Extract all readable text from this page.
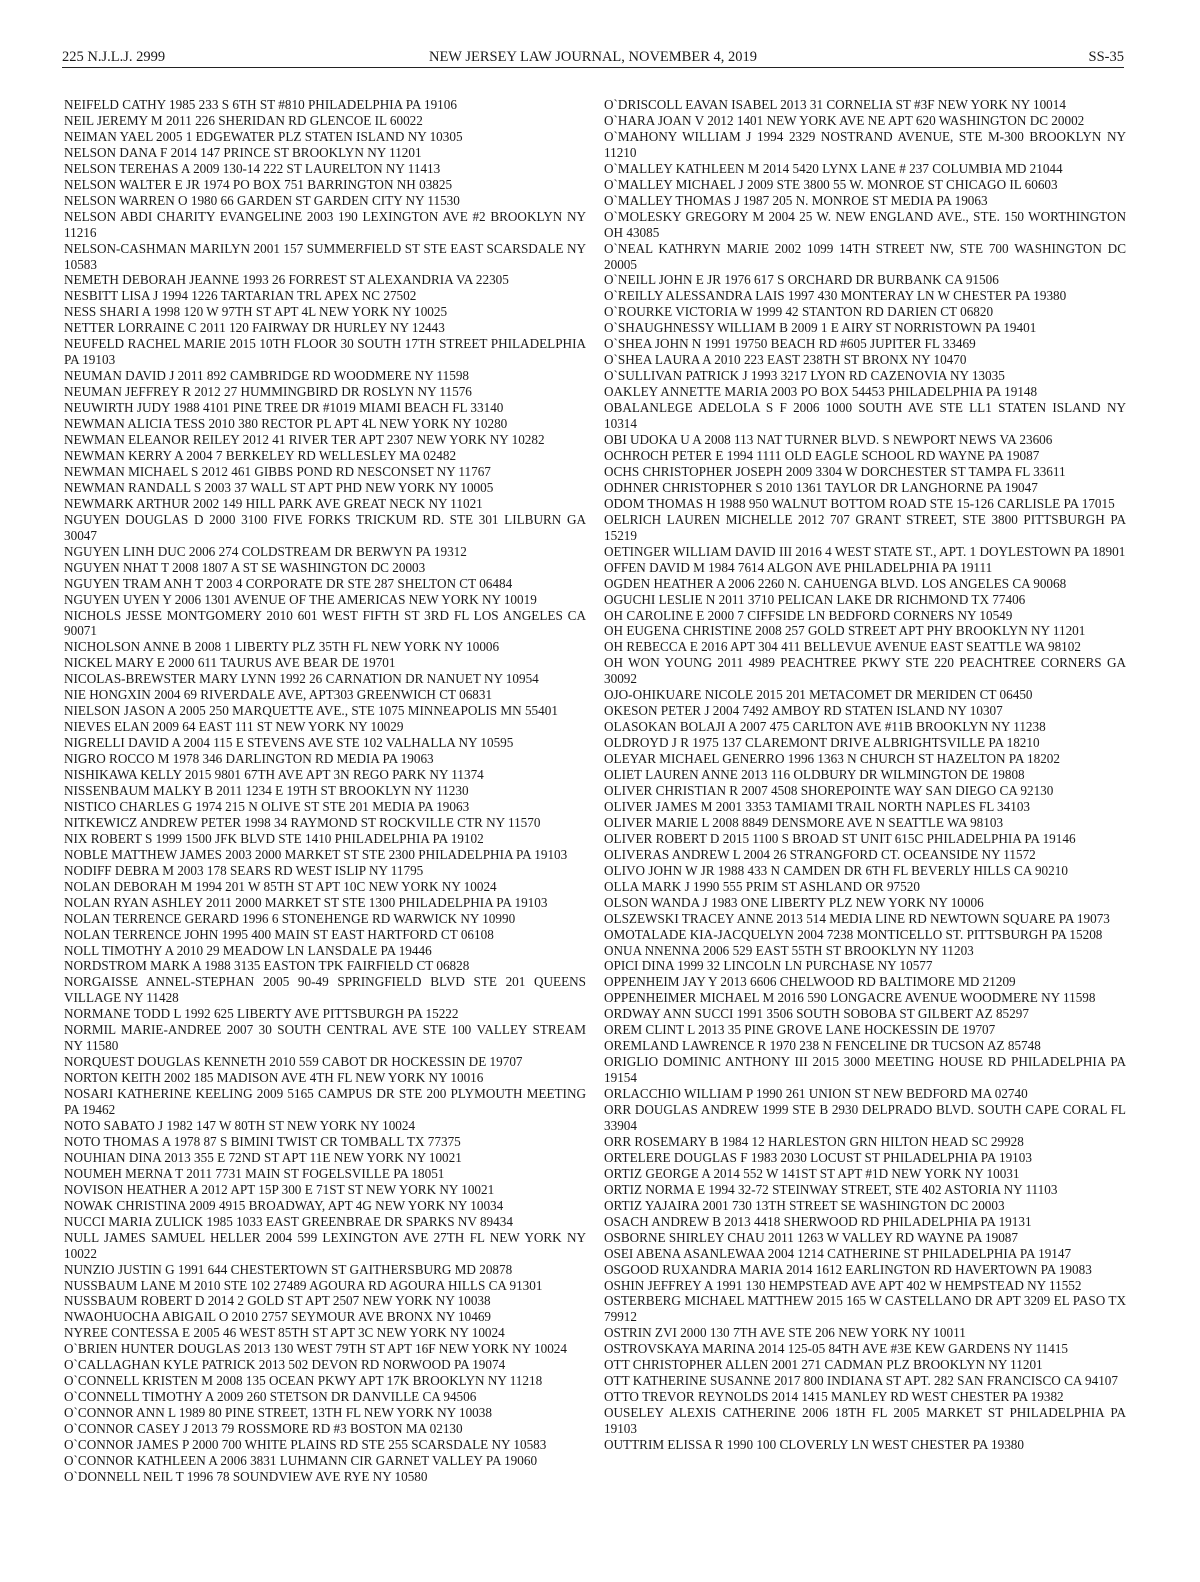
225 N.J.L.J. 2999	NEW JERSEY LAW JOURNAL, NOVEMBER 4, 2019	SS-35
NEIFELD CATHY 1985 233 S 6TH ST #810 PHILADELPHIA PA 19106
NEIL JEREMY M 2011 226 SHERIDAN RD GLENCOE IL 60022
NEIMAN YAEL 2005 1 EDGEWATER PLZ STATEN ISLAND NY 10305
NELSON DANA F 2014 147 PRINCE ST BROOKLYN NY 11201
NELSON TEREHAS A 2009 130-14 222 ST LAURELTON NY 11413
NELSON WALTER E JR 1974 PO BOX 751 BARRINGTON NH 03825
NELSON WARREN O 1980 66 GARDEN ST GARDEN CITY NY 11530
NELSON ABDI CHARITY EVANGELINE 2003 190 LEXINGTON AVE #2 BROOKLYN NY 11216
NELSON-CASHMAN MARILYN 2001 157 SUMMERFIELD ST STE EAST SCARSDALE NY 10583
NEMETH DEBORAH JEANNE 1993 26 FORREST ST ALEXANDRIA VA 22305
NESBITT LISA J 1994 1226 TARTARIAN TRL APEX NC 27502
NESS SHARI A 1998 120 W 97TH ST APT 4L NEW YORK NY 10025
NETTER LORRAINE C 2011 120 FAIRWAY DR HURLEY NY 12443
NEUFELD RACHEL MARIE 2015 10TH FLOOR 30 SOUTH 17TH STREET PHILADELPHIA PA 19103
NEUMAN DAVID J 2011 892 CAMBRIDGE RD WOODMERE NY 11598
NEUMAN JEFFREY R 2012 27 HUMMINGBIRD DR ROSLYN NY 11576
NEUWIRTH JUDY 1988 4101 PINE TREE DR #1019 MIAMI BEACH FL 33140
NEWMAN ALICIA TESS 2010 380 RECTOR PL APT 4L NEW YORK NY 10280
NEWMAN ELEANOR REILEY 2012 41 RIVER TER APT 2307 NEW YORK NY 10282
NEWMAN KERRY A 2004 7 BERKELEY RD WELLESLEY MA 02482
NEWMAN MICHAEL S 2012 461 GIBBS POND RD NESCONSET NY 11767
NEWMAN RANDALL S 2003 37 WALL ST APT PHD NEW YORK NY 10005
NEWMARK ARTHUR 2002 149 HILL PARK AVE GREAT NECK NY 11021
NGUYEN DOUGLAS D 2000 3100 FIVE FORKS TRICKUM RD. STE 301 LILBURN GA 30047
NGUYEN LINH DUC 2006 274 COLDSTREAM DR BERWYN PA 19312
NGUYEN NHAT T 2008 1807 A ST SE WASHINGTON DC 20003
NGUYEN TRAM ANH T 2003 4 CORPORATE DR STE 287 SHELTON CT 06484
NGUYEN UYEN Y 2006 1301 AVENUE OF THE AMERICAS NEW YORK NY 10019
NICHOLS JESSE MONTGOMERY 2010 601 WEST FIFTH ST 3RD FL LOS ANGELES CA 90071
NICHOLSON ANNE B 2008 1 LIBERTY PLZ 35TH FL NEW YORK NY 10006
NICKEL MARY E 2000 611 TAURUS AVE BEAR DE 19701
NICOLAS-BREWSTER MARY LYNN 1992 26 CARNATION DR NANUET NY 10954
NIE HONGXIN 2004 69 RIVERDALE AVE, APT303 GREENWICH CT 06831
NIELSON JASON A 2005 250 MARQUETTE AVE., STE 1075 MINNEAPOLIS MN 55401
NIEVES ELAN 2009 64 EAST 111 ST NEW YORK NY 10029
NIGRELLI DAVID A 2004 115 E STEVENS AVE STE 102 VALHALLA NY 10595
NIGRO ROCCO M 1978 346 DARLINGTON RD MEDIA PA 19063
NISHIKAWA KELLY 2015 9801 67TH AVE APT 3N REGO PARK NY 11374
NISSENBAUM MALKY B 2011 1234 E 19TH ST BROOKLYN NY 11230
NISTICO CHARLES G 1974 215 N OLIVE ST STE 201 MEDIA PA 19063
NITKEWICZ ANDREW PETER 1998 34 RAYMOND ST ROCKVILLE CTR NY 11570
NIX ROBERT S 1999 1500 JFK BLVD STE 1410 PHILADELPHIA PA 19102
NOBLE MATTHEW JAMES 2003 2000 MARKET ST STE 2300 PHILADELPHIA PA 19103
NODIFF DEBRA M 2003 178 SEARS RD WEST ISLIP NY 11795
NOLAN DEBORAH M 1994 201 W 85TH ST APT 10C NEW YORK NY 10024
NOLAN RYAN ASHLEY 2011 2000 MARKET ST STE 1300 PHILADELPHIA PA 19103
NOLAN TERRENCE GERARD 1996 6 STONEHENGE RD WARWICK NY 10990
NOLAN TERRENCE JOHN 1995 400 MAIN ST EAST HARTFORD CT 06108
NOLL TIMOTHY A 2010 29 MEADOW LN LANSDALE PA 19446
NORDSTROM MARK A 1988 3135 EASTON TPK FAIRFIELD CT 06828
NORGAISSE ANNEL-STEPHAN 2005 90-49 SPRINGFIELD BLVD STE 201 QUEENS VILLAGE NY 11428
NORMANE TODD L 1992 625 LIBERTY AVE PITTSBURGH PA 15222
NORMIL MARIE-ANDREE 2007 30 SOUTH CENTRAL AVE STE 100 VALLEY STREAM NY 11580
NORQUEST DOUGLAS KENNETH 2010 559 CABOT DR HOCKESSIN DE 19707
NORTON KEITH 2002 185 MADISON AVE 4TH FL NEW YORK NY 10016
NOSARI KATHERINE KEELING 2009 5165 CAMPUS DR STE 200 PLYMOUTH MEETING PA 19462
NOTO SABATO J 1982 147 W 80TH ST NEW YORK NY 10024
NOTO THOMAS A 1978 87 S BIMINI TWIST CR TOMBALL TX 77375
NOUHIAN DINA 2013 355 E 72ND ST APT 11E NEW YORK NY 10021
NOUMEH MERNA T 2011 7731 MAIN ST FOGELSVILLE PA 18051
NOVISON HEATHER A 2012 APT 15P 300 E 71ST ST NEW YORK NY 10021
NOWAK CHRISTINA 2009 4915 BROADWAY, APT 4G NEW YORK NY 10034
NUCCI MARIA ZULICK 1985 1033 EAST GREENBRAE DR SPARKS NV 89434
NULL JAMES SAMUEL HELLER 2004 599 LEXINGTON AVE 27TH FL NEW YORK NY 10022
NUNZIO JUSTIN G 1991 644 CHESTERTOWN ST GAITHERSBURG MD 20878
NUSSBAUM LANE M 2010 STE 102 27489 AGOURA RD AGOURA HILLS CA 91301
NUSSBAUM ROBERT D 2014 2 GOLD ST APT 2507 NEW YORK NY 10038
NWAOHUOCHA ABIGAIL O 2010 2757 SEYMOUR AVE BRONX NY 10469
NYREE CONTESSA E 2005 46 WEST 85TH ST APT 3C NEW YORK NY 10024
O`BRIEN HUNTER DOUGLAS 2013 130 WEST 79TH ST APT 16F NEW YORK NY 10024
O`CALLAGHAN KYLE PATRICK 2013 502 DEVON RD NORWOOD PA 19074
O`CONNELL KRISTEN M 2008 135 OCEAN PKWY APT 17K BROOKLYN NY 11218
O`CONNELL TIMOTHY A 2009 260 STETSON DR DANVILLE CA 94506
O`CONNOR ANN L 1989 80 PINE STREET, 13TH FL NEW YORK NY 10038
O`CONNOR CASEY J 2013 79 ROSSMORE RD #3 BOSTON MA 02130
O`CONNOR JAMES P 2000 700 WHITE PLAINS RD STE 255 SCARSDALE NY 10583
O`CONNOR KATHLEEN A 2006 3831 LUHMANN CIR GARNET VALLEY PA 19060
O`DONNELL NEIL T 1996 78 SOUNDVIEW AVE RYE NY 10580
O`DRISCOLL EAVAN ISABEL 2013 31 CORNELIA ST #3F NEW YORK NY 10014
O`HARA JOAN V 2012 1401 NEW YORK AVE NE APT 620 WASHINGTON DC 20002
O`MAHONY WILLIAM J 1994 2329 NOSTRAND AVENUE, STE M-300 BROOKLYN NY 11210
O`MALLEY KATHLEEN M 2014 5420 LYNX LANE # 237 COLUMBIA MD 21044
O`MALLEY MICHAEL J 2009 STE 3800 55 W. MONROE ST CHICAGO IL 60603
O`MALLEY THOMAS J 1987 205 N. MONROE ST MEDIA PA 19063
O`MOLESKY GREGORY M 2004 25 W. NEW ENGLAND AVE., STE. 150 WORTHINGTON OH 43085
O`NEAL KATHRYN MARIE 2002 1099 14TH STREET NW, STE 700 WASHINGTON DC 20005
O`NEILL JOHN E JR 1976 617 S ORCHARD DR BURBANK CA 91506
O`REILLY ALESSANDRA LAIS 1997 430 MONTERAY LN W CHESTER PA 19380
O`ROURKE VICTORIA W 1999 42 STANTON RD DARIEN CT 06820
O`SHAUGHNESSY WILLIAM B 2009 1 E AIRY ST NORRISTOWN PA 19401
O`SHEA JOHN N 1991 19750 BEACH RD #605 JUPITER FL 33469
O`SHEA LAURA A 2010 223 EAST 238TH ST BRONX NY 10470
O`SULLIVAN PATRICK J 1993 3217 LYON RD CAZENOVIA NY 13035
OAKLEY ANNETTE MARIA 2003 PO BOX 54453 PHILADELPHIA PA 19148
OBALANLEGE ADELOLA S F 2006 1000 SOUTH AVE STE LL1 STATEN ISLAND NY 10314
OBI UDOKA U A 2008 113 NAT TURNER BLVD. S NEWPORT NEWS VA 23606
OCHROCH PETER E 1994 1111 OLD EAGLE SCHOOL RD WAYNE PA 19087
OCHS CHRISTOPHER JOSEPH 2009 3304 W DORCHESTER ST TAMPA FL 33611
ODHNER CHRISTOPHER S 2010 1361 TAYLOR DR LANGHORNE PA 19047
ODOM THOMAS H 1988 950 WALNUT BOTTOM ROAD STE 15-126 CARLISLE PA 17015
OELRICH LAUREN MICHELLE 2012 707 GRANT STREET, STE 3800 PITTSBURGH PA 15219
OETINGER WILLIAM DAVID III 2016 4 WEST STATE ST., APT. 1 DOYLESTOWN PA 18901
OFFEN DAVID M 1984 7614 ALGON AVE PHILADELPHIA PA 19111
OGDEN HEATHER A 2006 2260 N. CAHUENGA BLVD. LOS ANGELES CA 90068
OGUCHI LESLIE N 2011 3710 PELICAN LAKE DR RICHMOND TX 77406
OH CAROLINE E 2000 7 CIFFSIDE LN BEDFORD CORNERS NY 10549
OH EUGENA CHRISTINE 2008 257 GOLD STREET APT PHY BROOKLYN NY 11201
OH REBECCA E 2016 APT 304 411 BELLEVUE AVENUE EAST SEATTLE WA 98102
OH WON YOUNG 2011 4989 PEACHTREE PKWY STE 220 PEACHTREE CORNERS GA 30092
OJO-OHIKUARE NICOLE 2015 201 METACOMET DR MERIDEN CT 06450
OKESON PETER J 2004 7492 AMBOY RD STATEN ISLAND NY 10307
OLASOKAN BOLAJI A 2007 475 CARLTON AVE #11B BROOKLYN NY 11238
OLDROYD J R 1975 137 CLAREMONT DRIVE ALBRIGHTSVILLE PA 18210
OLEYAR MICHAEL GENERRO 1996 1363 N CHURCH ST HAZELTON PA 18202
OLIET LAUREN ANNE 2013 116 OLDBURY DR WILMINGTON DE 19808
OLIVER CHRISTIAN R 2007 4508 SHOREPOINTE WAY SAN DIEGO CA 92130
OLIVER JAMES M 2001 3353 TAMIAMI TRAIL NORTH NAPLES FL 34103
OLIVER MARIE L 2008 8849 DENSMORE AVE N SEATTLE WA 98103
OLIVER ROBERT D 2015 1100 S BROAD ST UNIT 615C PHILADELPHIA PA 19146
OLIVERAS ANDREW L 2004 26 STRANGFORD CT. OCEANSIDE NY 11572
OLIVO JOHN W JR 1988 433 N CAMDEN DR 6TH FL BEVERLY HILLS CA 90210
OLLA MARK J 1990 555 PRIM ST ASHLAND OR 97520
OLSON WANDA J 1983 ONE LIBERTY PLZ NEW YORK NY 10006
OLSZEWSKI TRACEY ANNE 2013 514 MEDIA LINE RD NEWTOWN SQUARE PA 19073
OMOTALADE KIA-JACQUELYN 2004 7238 MONTICELLO ST. PITTSBURGH PA 15208
ONUA NNENNA 2006 529 EAST 55TH ST BROOKLYN NY 11203
OPICI DINA 1999 32 LINCOLN LN PURCHASE NY 10577
OPPENHEIM JAY Y 2013 6606 CHELWOOD RD BALTIMORE MD 21209
OPPENHEIMER MICHAEL M 2016 590 LONGACRE AVENUE WOODMERE NY 11598
ORDWAY ANN SUCCI 1991 3506 SOUTH SOBOBA ST GILBERT AZ 85297
OREM CLINT L 2013 35 PINE GROVE LANE HOCKESSIN DE 19707
OREMLAND LAWRENCE R 1970 238 N FENCELINE DR TUCSON AZ 85748
ORIGLIO DOMINIC ANTHONY III 2015 3000 MEETING HOUSE RD PHILADELPHIA PA 19154
ORLACCHIO WILLIAM P 1990 261 UNION ST NEW BEDFORD MA 02740
ORR DOUGLAS ANDREW 1999 STE B 2930 DELPRADO BLVD. SOUTH CAPE CORAL FL 33904
ORR ROSEMARY B 1984 12 HARLESTON GRN HILTON HEAD SC 29928
ORTELERE DOUGLAS F 1983 2030 LOCUST ST PHILADELPHIA PA 19103
ORTIZ GEORGE A 2014 552 W 141ST ST APT #1D NEW YORK NY 10031
ORTIZ NORMA E 1994 32-72 STEINWAY STREET, STE 402 ASTORIA NY 11103
ORTIZ YAJAIRA 2001 730 13TH STREET SE WASHINGTON DC 20003
OSACH ANDREW B 2013 4418 SHERWOOD RD PHILADELPHIA PA 19131
OSBORNE SHIRLEY CHAU 2011 1263 W VALLEY RD WAYNE PA 19087
OSEI ABENA ASANLEWAA 2004 1214 CATHERINE ST PHILADELPHIA PA 19147
OSGOOD RUXANDRA MARIA 2014 1612 EARLINGTON RD HAVERTOWN PA 19083
OSHIN JEFFREY A 1991 130 HEMPSTEAD AVE APT 402 W HEMPSTEAD NY 11552
OSTERBERG MICHAEL MATTHEW 2015 165 W CASTELLANO DR APT 3209 EL PASO TX 79912
OSTRIN ZVI 2000 130 7TH AVE STE 206 NEW YORK NY 10011
OSTROVSKAYA MARINA 2014 125-05 84TH AVE #3E KEW GARDENS NY 11415
OTT CHRISTOPHER ALLEN 2001 271 CADMAN PLZ BROOKLYN NY 11201
OTT KATHERINE SUSANNE 2017 800 INDIANA ST APT. 282 SAN FRANCISCO CA 94107
OTTO TREVOR REYNOLDS 2014 1415 MANLEY RD WEST CHESTER PA 19382
OUSELEY ALEXIS CATHERINE 2006 18TH FL 2005 MARKET ST PHILADELPHIA PA 19103
OUTTRIM ELISSA R 1990 100 CLOVERLY LN WEST CHESTER PA 19380
